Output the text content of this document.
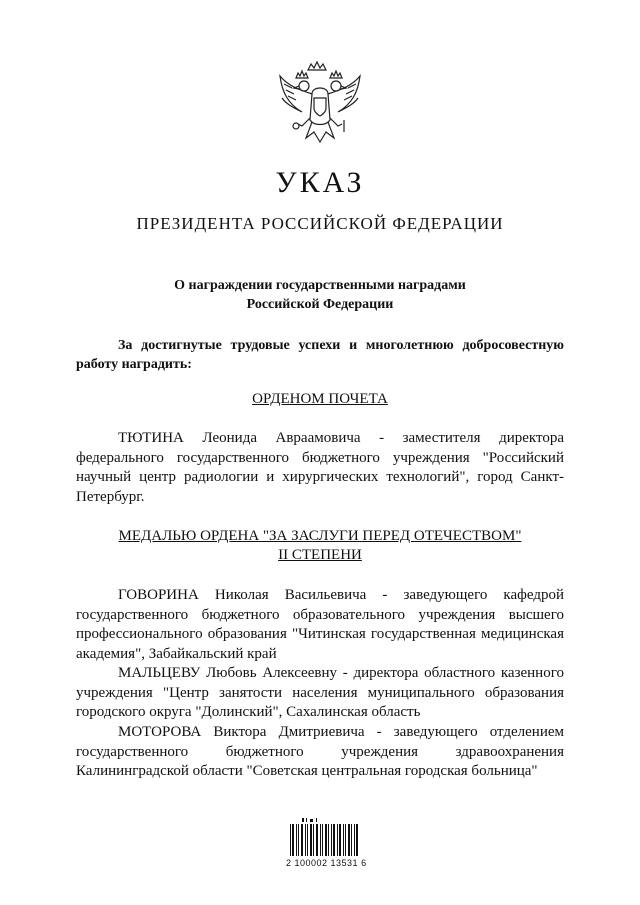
УКАЗ
ПРЕЗИДЕНТА РОССИЙСКОЙ ФЕДЕРАЦИИ
О награждении государственными наградами
Российской Федерации
За достигнутые трудовые успехи и многолетнюю добросовестную работу наградить:
ОРДЕНОМ ПОЧЕТА
ТЮТИНА Леонида Авраамовича - заместителя директора федерального государственного бюджетного учреждения "Российский научный центр радиологии и хирургических технологий", город Санкт-Петербург.
МЕДАЛЬЮ ОРДЕНА "ЗА ЗАСЛУГИ ПЕРЕД ОТЕЧЕСТВОМ"
II СТЕПЕНИ
ГОВОРИНА Николая Васильевича - заведующего кафедрой государственного бюджетного образовательного учреждения высшего профессионального образования "Читинская государственная медицинская академия", Забайкальский край
МАЛЬЦЕВУ Любовь Алексеевну - директора областного казенного учреждения "Центр занятости населения муниципального образования городского округа "Долинский", Сахалинская область
МОТОРОВА Виктора Дмитриевича - заведующего отделением государственного бюджетного учреждения здравоохранения Калининградской области "Советская центральная городская больница"
2 100002 13531 6
